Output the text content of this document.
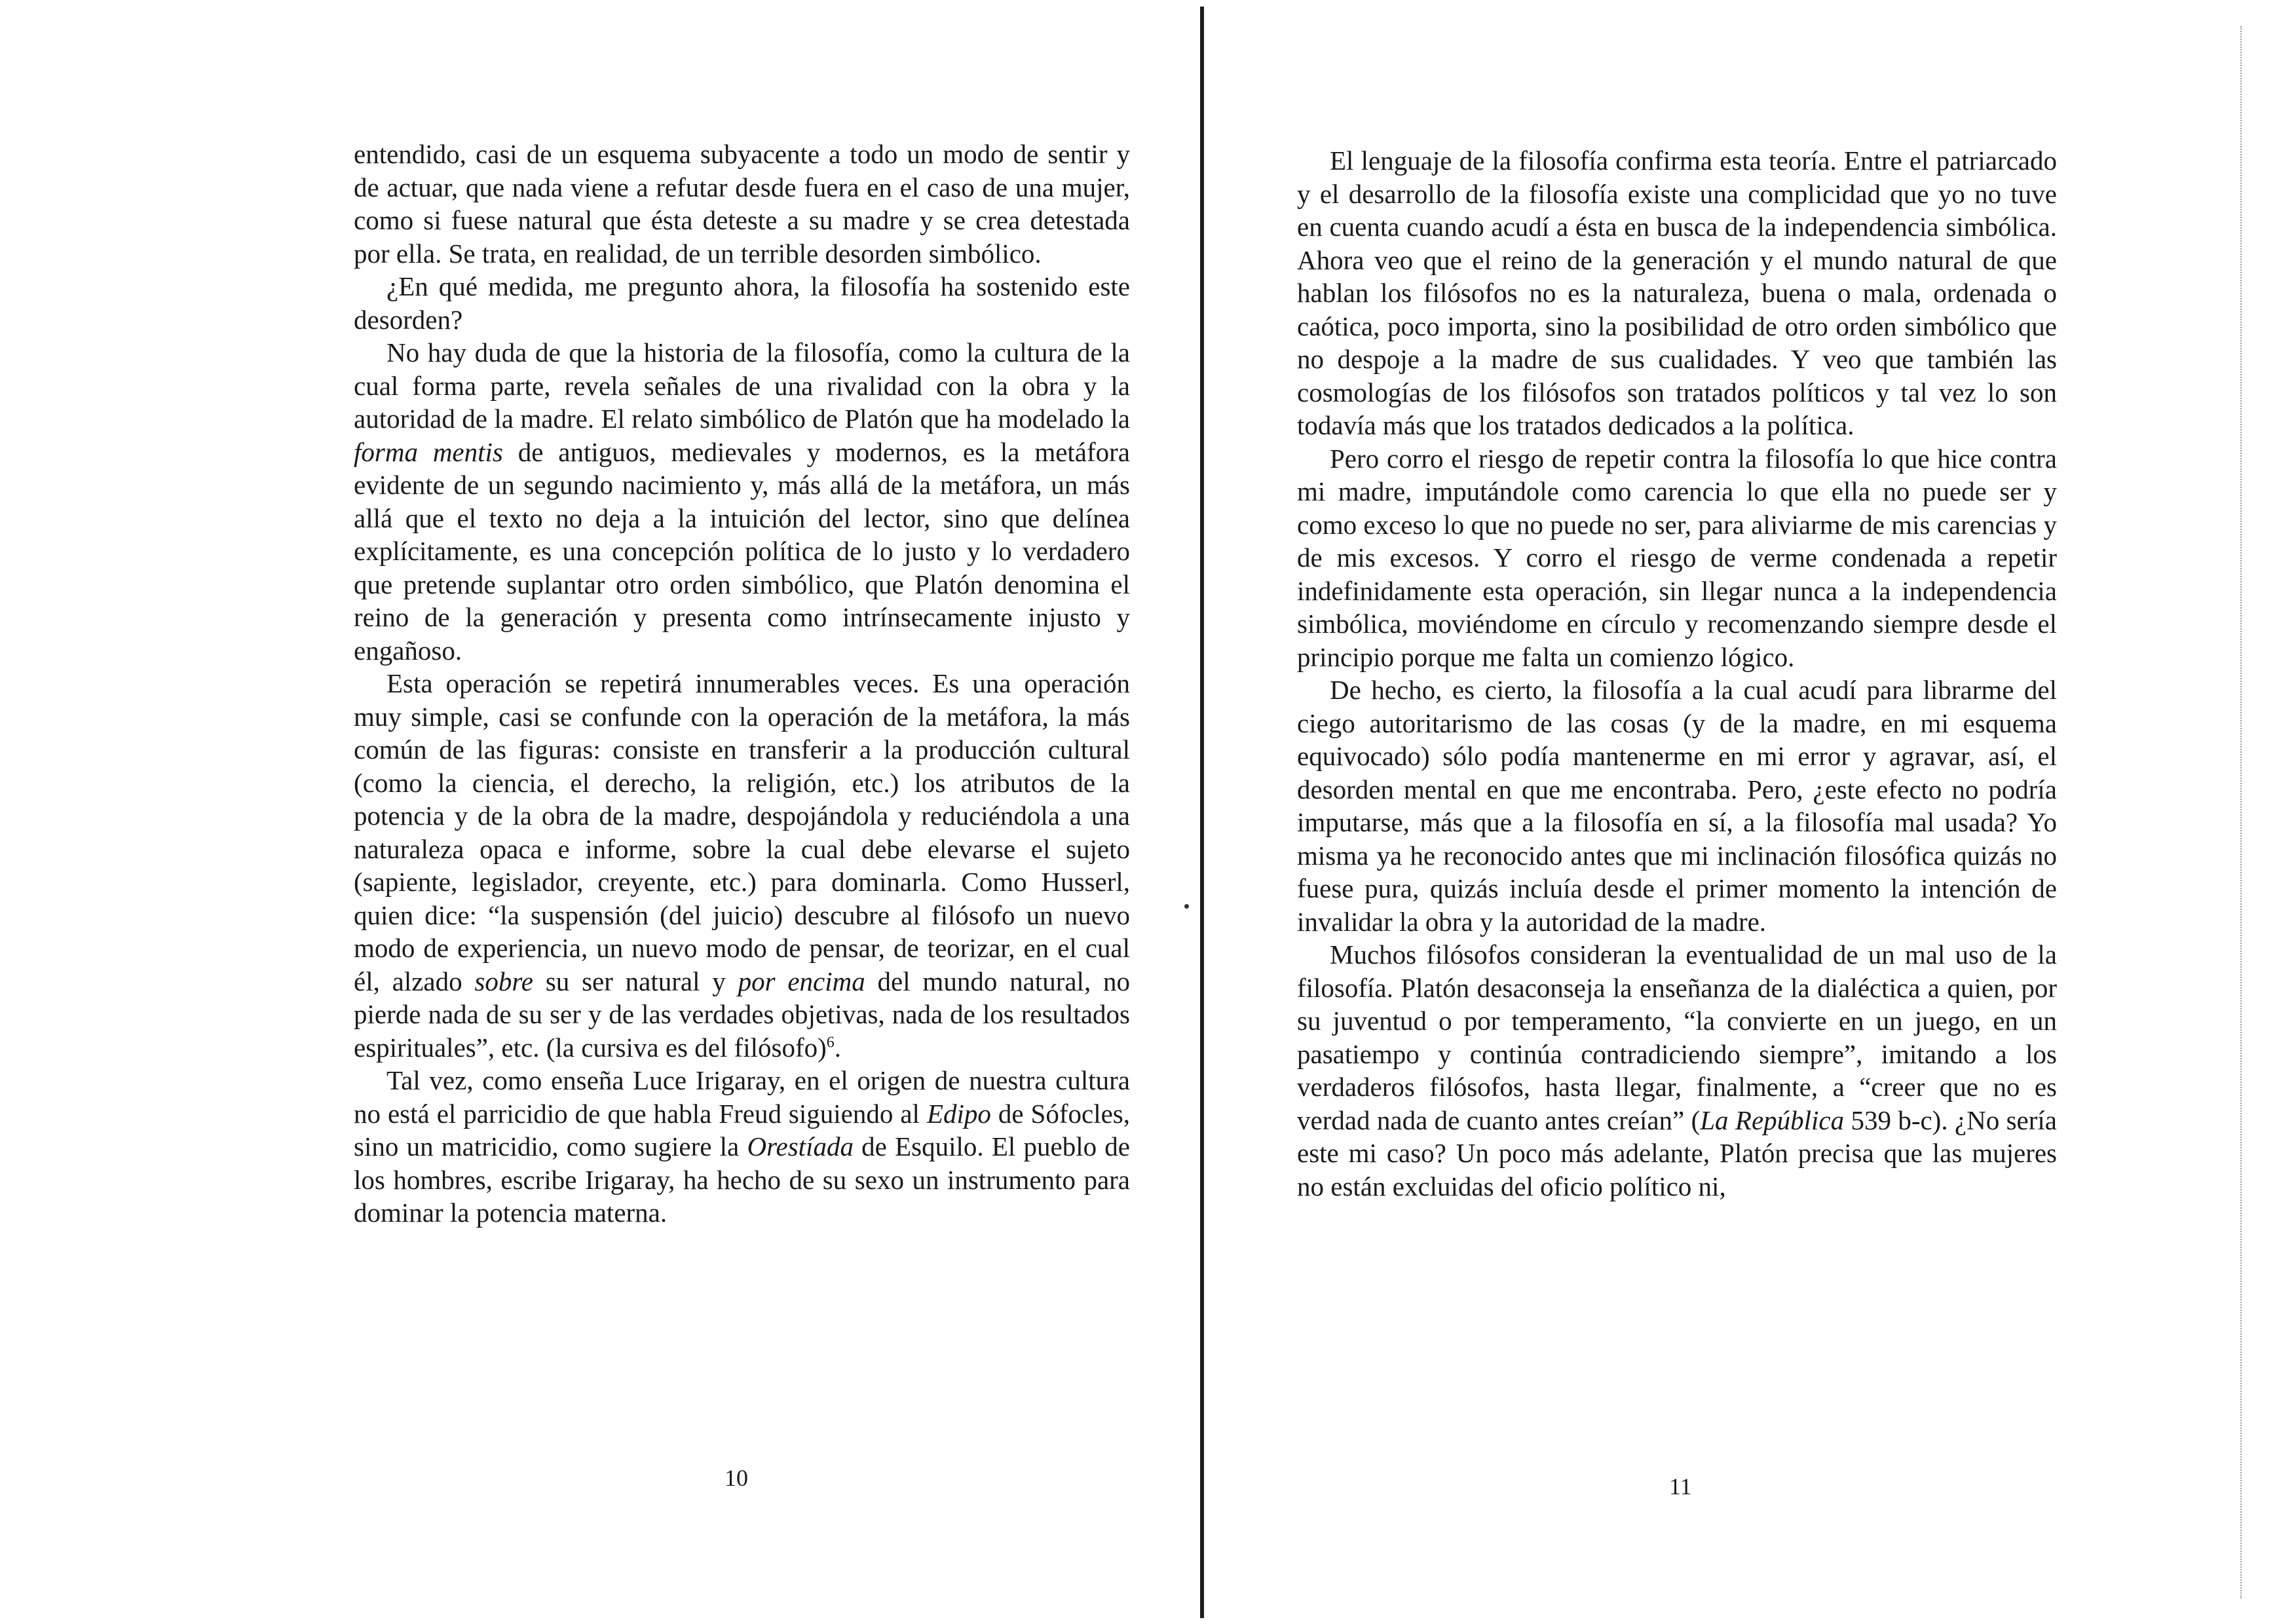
entendido, casi de un esquema subyacente a todo un modo de sentir y de actuar, que nada viene a refutar desde fuera en el caso de una mujer, como si fuese natural que ésta deteste a su madre y se crea detestada por ella. Se trata, en realidad, de un terrible desorden simbólico.

¿En qué medida, me pregunto ahora, la filosofía ha sostenido este desorden?

No hay duda de que la historia de la filosofía, como la cultura de la cual forma parte, revela señales de una rivalidad con la obra y la autoridad de la madre. El relato simbólico de Platón que ha modelado la forma mentis de antiguos, medievales y modernos, es la metáfora evidente de un segundo nacimiento y, más allá de la metáfora, un más allá que el texto no deja a la intuición del lector, sino que delínea explícitamente, es una concepción política de lo justo y lo verdadero que pretende suplantar otro orden simbólico, que Platón denomina el reino de la generación y presenta como intrínsecamente injusto y engañoso.

Esta operación se repetirá innumerables veces. Es una operación muy simple, casi se confunde con la operación de la metáfora, la más común de las figuras: consiste en transferir a la producción cultural (como la ciencia, el derecho, la religión, etc.) los atributos de la potencia y de la obra de la madre, despojándola y reduciéndola a una naturaleza opaca e informe, sobre la cual debe elevarse el sujeto (sapiente, legislador, creyente, etc.) para dominarla. Como Husserl, quien dice: “la suspensión (del juicio) descubre al filósofo un nuevo modo de experiencia, un nuevo modo de pensar, de teorizar, en el cual él, alzado sobre su ser natural y por encima del mundo natural, no pierde nada de su ser y de las verdades objetivas, nada de los resultados espirituales”, etc. (la cursiva es del filósofo)$^6$.

Tal vez, como enseña Luce Irigaray, en el origen de nuestra cultura no está el parricidio de que habla Freud siguiendo al Edipo de Sófocles, sino un matricidio, como sugiere la Orestíada de Esquilo. El pueblo de los hombres, escribe Irigaray, ha hecho de su sexo un instrumento para dominar la potencia materna.

10

El lenguaje de la filosofía confirma esta teoría. Entre el patriarcado y el desarrollo de la filosofía existe una complicidad que yo no tuve en cuenta cuando acudí a ésta en busca de la independencia simbólica. Ahora veo que el reino de la generación y el mundo natural de que hablan los filósofos no es la naturaleza, buena o mala, ordenada o caótica, poco importa, sino la posibilidad de otro orden simbólico que no despoje a la madre de sus cualidades. Y veo que también las cosmologías de los filósofos son tratados políticos y tal vez lo son todavía más que los tratados dedicados a la política.

Pero corro el riesgo de repetir contra la filosofía lo que hice contra mi madre, imputándole como carencia lo que ella no puede ser y como exceso lo que no puede no ser, para aliviarme de mis carencias y de mis excesos. Y corro el riesgo de verme condenada a repetir indefinidamente esta operación, sin llegar nunca a la independencia simbólica, moviéndome en círculo y recomenzando siempre desde el principio porque me falta un comienzo lógico.

De hecho, es cierto, la filosofía a la cual acudí para librarme del ciego autoritarismo de las cosas (y de la madre, en mi esquema equivocado) sólo podía mantenerme en mi error y agravar, así, el desorden mental en que me encontraba. Pero, ¿este efecto no podría imputarse, más que a la filosofía en sí, a la filosofía mal usada? Yo misma ya he reconocido antes que mi inclinación filosófica quizás no fuese pura, quizás incluía desde el primer momento la intención de invalidar la obra y la autoridad de la madre.

Muchos filósofos consideran la eventualidad de un mal uso de la filosofía. Platón desaconseja la enseñanza de la dialéctica a quien, por su juventud o por temperamento, “la convierte en un juego, en un pasatiempo y continúa contradiciendo siempre”, imitando a los verdaderos filósofos, hasta llegar, finalmente, a “creer que no es verdad nada de cuanto antes creían” (La República 539 b-c). ¿No sería este mi caso? Un poco más adelante, Platón precisa que las mujeres no están excluidas del oficio político ni,

11
